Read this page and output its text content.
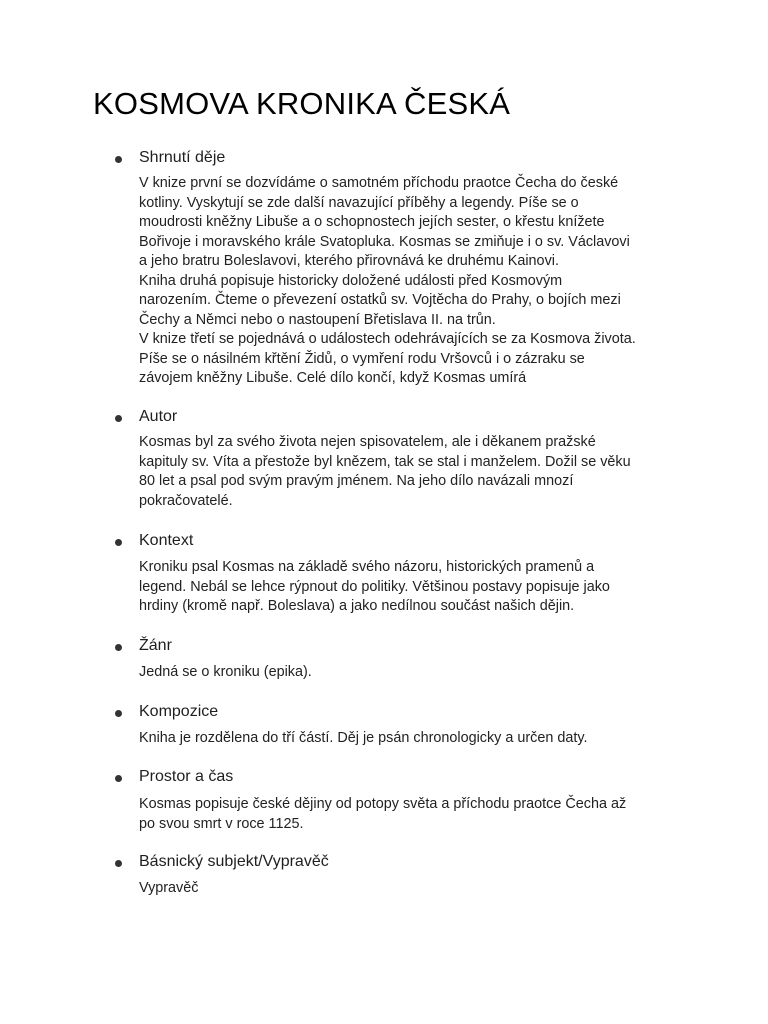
KOSMOVA KRONIKA ČESKÁ
Shrnutí děje

V knize první se dozvídáme o samotném příchodu praotce Čecha do české
kotliny. Vyskytují se zde další navazující příběhy a legendy. Píše se o
moudrosti kněžny Libuše a o schopnostech jejích sester, o křestu knížete
Bořivoje i moravského krále Svatopluka. Kosmas se zmiňuje i o sv. Václavovi
a jeho bratru Boleslavovi, kterého přirovnává ke druhému Kainovi.
Kniha druhá popisuje historicky doložené události před Kosmovým
narozením. Čteme o převezení ostatků sv. Vojtěcha do Prahy, o bojích mezi
Čechy a Němci nebo o nastoupení Břetislava II. na trůn.
V knize třetí se pojednává o událostech odehrávajících se za Kosmova života.
Píše se o násilném křtění Židů, o vymření rodu Vršovců i o zázraku se
závojem kněžny Libuše. Celé dílo končí, když Kosmas umírá

Autor

Kosmas byl za svého života nejen spisovatelem, ale i děkanem pražské
kapituly sv. Víta a přestože byl knězem, tak se stal i manželem. Dožil se věku
80 let a psal pod svým pravým jménem. Na jeho dílo navázali mnozí
pokračovatelé.

Kontext

Kroniku psal Kosmas na základě svého názoru, historických pramenů a
legend. Nebál se lehce rýpnout do politiky. Většinou postavy popisuje jako
hrdiny (kromě např. Boleslava) a jako nedílnou součást našich dějin.

Žánr

Jedná se o kroniku (epika).

Kompozice

Kniha je rozdělena do tří částí. Děj je psán chronologicky a určen daty.

Prostor a čas

Kosmas popisuje české dějiny od potopy světa a příchodu praotce Čecha až
po svou smrt v roce 1125.

Básnický subjekt/Vypravěč

Vypravěč
